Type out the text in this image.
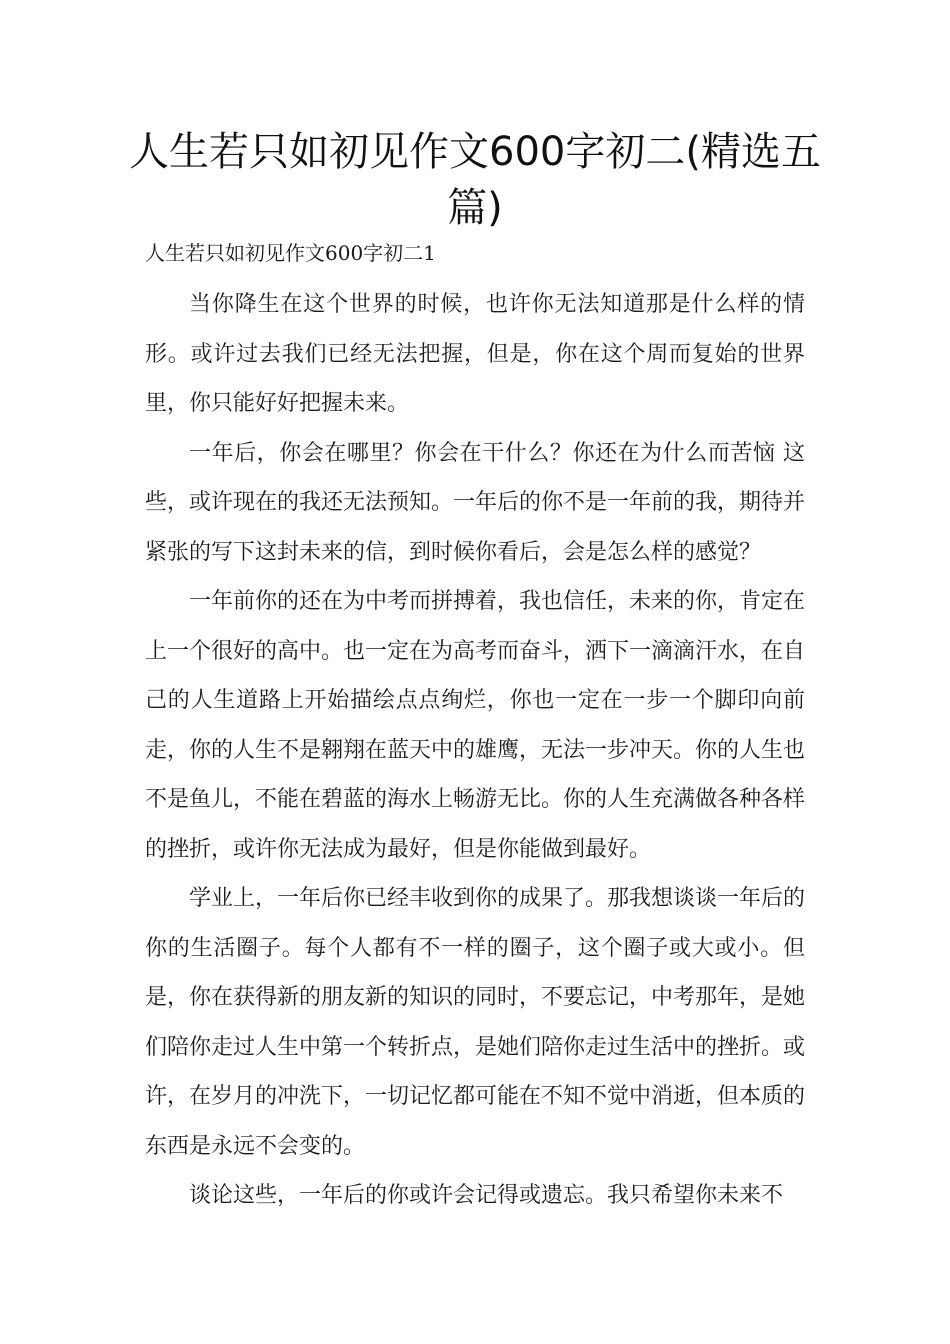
人生若只如初见作文600字初二(精选五篇)

人生若只如初见作文600字初二1

当你降生在这个世界的时候，也许你无法知道那是什么样的情形。或许过去我们已经无法把握，但是，你在这个周而复始的世界里，你只能好好把握未来。

一年后，你会在哪里？你会在干什么？你还在为什么而苦恼 这些，或许现在的我还无法预知。一年后的你不是一年前的我，期待并紧张的写下这封未来的信，到时候你看后，会是怎么样的感觉？

一年前你的还在为中考而拼搏着，我也信任，未来的你，肯定在上一个很好的高中。也一定在为高考而奋斗，洒下一滴滴汗水，在自己的人生道路上开始描绘点点绚烂，你也一定在一步一个脚印向前走，你的人生不是翱翔在蓝天中的雄鹰，无法一步冲天。你的人生也不是鱼儿，不能在碧蓝的海水上畅游无比。你的人生充满做各种各样的挫折，或许你无法成为最好，但是你能做到最好。

学业上，一年后你已经丰收到你的成果了。那我想谈谈一年后的你的生活圈子。每个人都有不一样的圈子，这个圈子或大或小。但是，你在获得新的朋友新的知识的同时，不要忘记，中考那年，是她们陪你走过人生中第一个转折点，是她们陪你走过生活中的挫折。或许，在岁月的冲洗下，一切记忆都可能在不知不觉中消逝，但本质的东西是永远不会变的。

谈论这些，一年后的你或许会记得或遗忘。我只希望你未来不
